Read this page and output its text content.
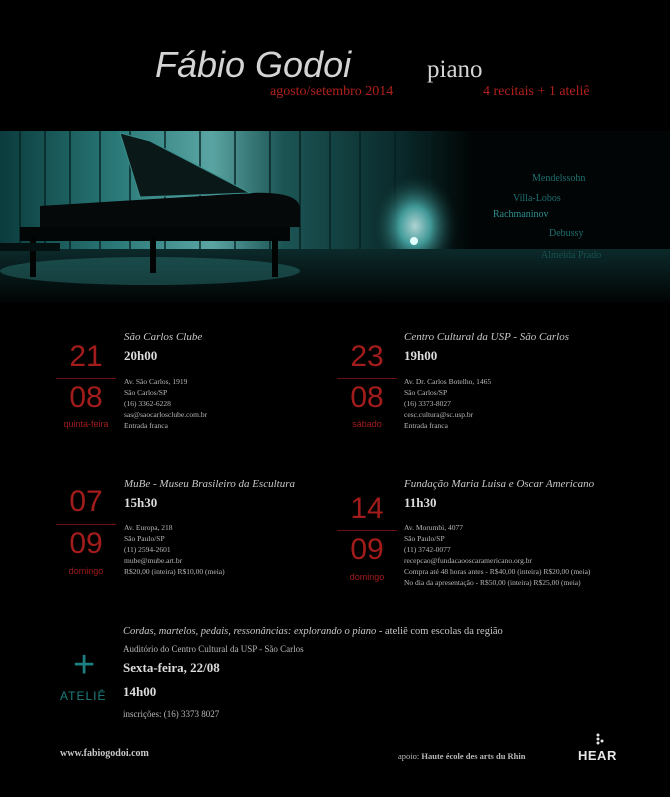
Fábio Godoi	piano
agosto/setembro 2014	4 recitais + 1 ateliê
Mendelssohn
Villa-Lobos
Rachmaninov
Debussy
Almeida Prado
21
08
quinta-feira
São Carlos Clube
20h00
Av. São Carlos, 1919
São Carlos/SP
(16) 3362-6228
sas@saocarlosclube.com.br
Entrada franca
23
08
sábado
Centro Cultural da USP - São Carlos
19h00
Av. Dr. Carlos Botelho, 1465
São Carlos/SP
(16) 3373-8027
cesc.cultura@sc.usp.br
Entrada franca
07
09
domingo
MuBe - Museu Brasileiro da Escultura
15h30
Av. Europa, 218
São Paulo/SP
(11) 2594-2601
mube@mube.art.br
R$20,00 (inteira) R$10,00 (meia)
14
09
domingo
Fundação Maria Luisa e Oscar Americano
11h30
Av. Morumbi, 4077
São Paulo/SP
(11) 3742-0077
recepcao@fundacaooscaramericano.org.br
Compra até 48 horas antes - R$40,00 (inteira) R$20,00 (meia)
No dia da apresentação - R$50,00 (inteira) R$25,00 (meia)
+
ATELIÊ
Cordas, martelos, pedais, ressonâncias: explorando o piano - ateliê com escolas da região
Auditório do Centro Cultural da USP - São Carlos
Sexta-feira, 22/08
14h00
inscrições: (16) 3373 8027
www.fabiogodoi.com	apoio: Haute école des arts du Rhin	HEAR
